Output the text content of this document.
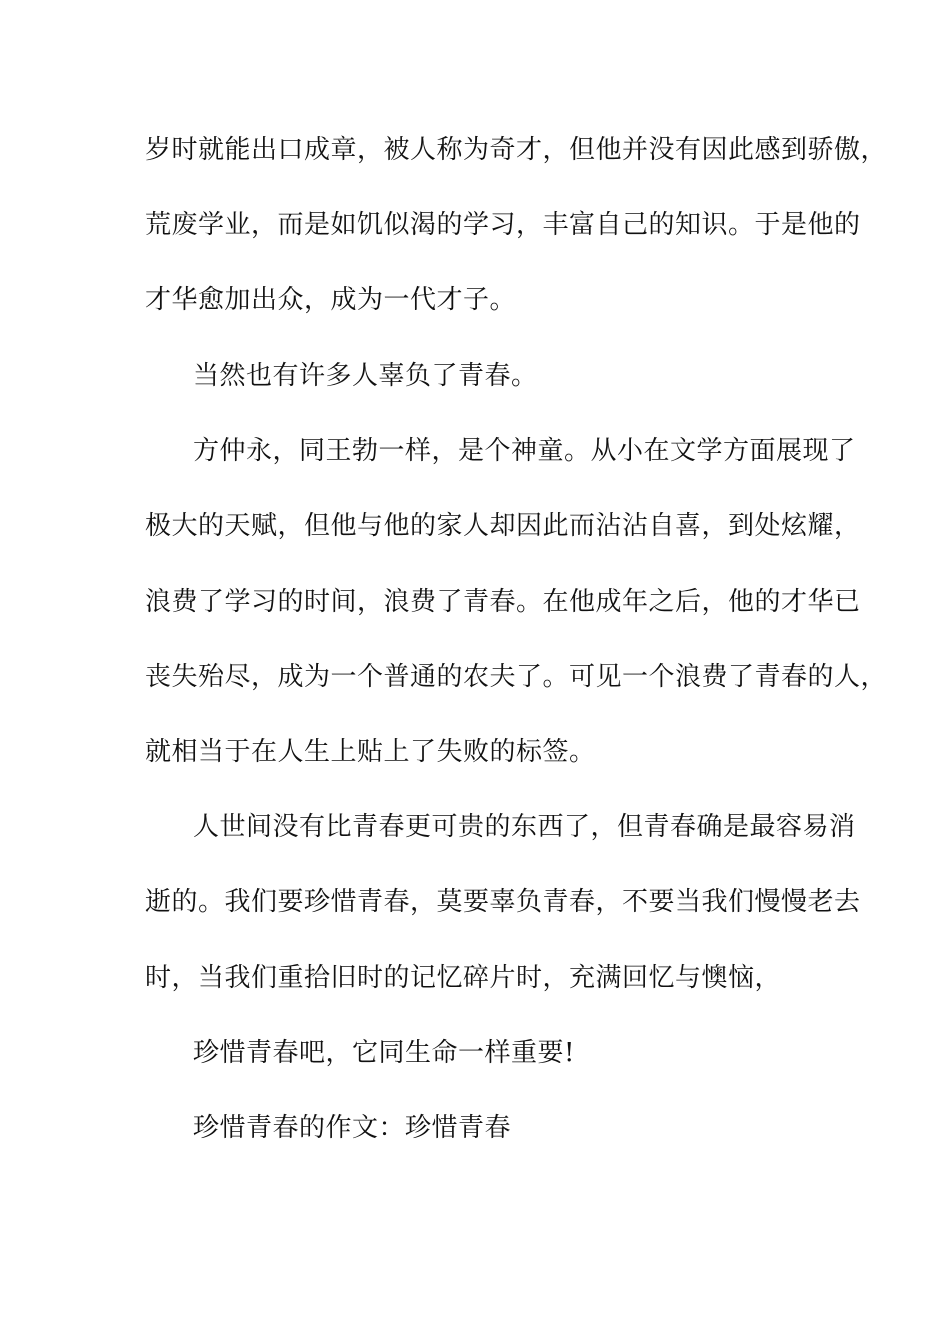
岁时就能出口成章，被人称为奇才，但他并没有因此感到骄傲，
荒废学业，而是如饥似渴的学习，丰富自己的知识。于是他的
才华愈加出众，成为一代才子。
当然也有许多人辜负了青春。
方仲永，同王勃一样，是个神童。从小在文学方面展现了
极大的天赋，但他与他的家人却因此而沾沾自喜，到处炫耀，
浪费了学习的时间，浪费了青春。在他成年之后，他的才华已
丧失殆尽，成为一个普通的农夫了。可见一个浪费了青春的人，
就相当于在人生上贴上了失败的标签。
人世间没有比青春更可贵的东西了，但青春确是最容易消
逝的。我们要珍惜青春，莫要辜负青春，不要当我们慢慢老去
时，当我们重拾旧时的记忆碎片时，充满回忆与懊恼，
珍惜青春吧，它同生命一样重要!
珍惜青春的作文：珍惜青春
